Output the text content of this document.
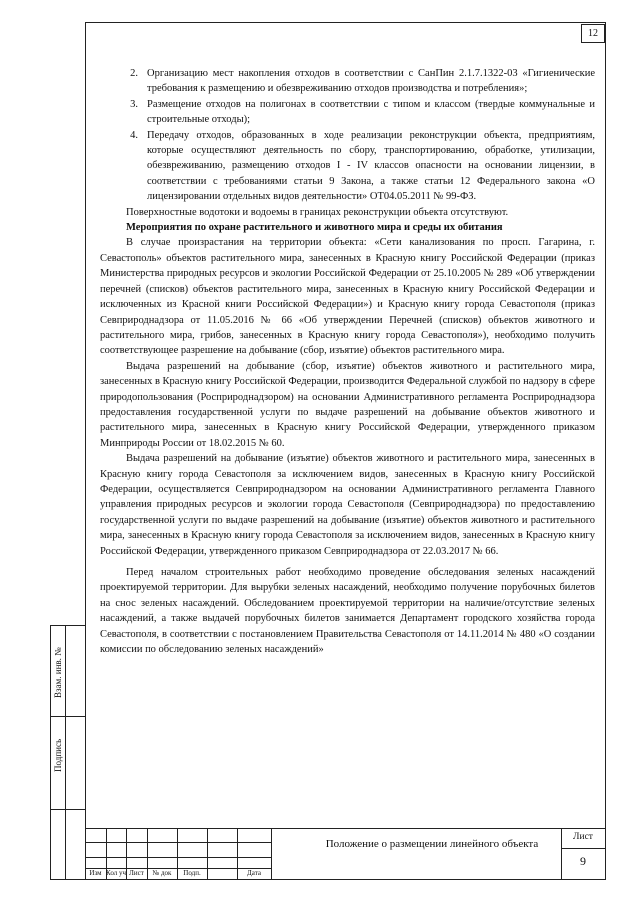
12
2. Организацию мест накопления отходов в соответствии с СанПин 2.1.7.1322-03 «Гигиенические требования к размещению и обезвреживанию отходов производства и потребления»;
3. Размещение отходов на полигонах в соответствии с типом и классом (твердые коммунальные и строительные отходы);
4. Передачу отходов, образованных в ходе реализации реконструкции объекта, предприятиям, которые осуществляют деятельность по сбору, транспортированию, обработке, утилизации, обезвреживанию, размещению отходов I - IV классов опасности на основании лицензии, в соответствии с требованиями статьи 9 Закона, а также статьи 12 Федерального закона «О лицензировании отдельных видов деятельности» ОТ04.05.2011 № 99-ФЗ.

Поверхностные водотоки и водоемы в границах реконструкции объекта отсутствуют.

Мероприятия по охране растительного и животного мира и среды их обитания

В случае произрастания на территории объекта: «Сети канализования по просп. Гагарина, г. Севастополь» объектов растительного мира, занесенных в Красную книгу Российской Федерации (приказ Министерства природных ресурсов и экологии Российской Федерации от 25.10.2005 № 289 «Об утверждении перечней (списков) объектов растительного мира, занесенных в Красную книгу Российской Федерации и исключенных из Красной книги Российской Федерации») и Красную книгу города Севастополя (приказ Севприроднадзора от 11.05.2016 № 66 «Об утверждении Перечней (списков) объектов животного и растительного мира, грибов, занесенных в Красную книгу города Севастополя»), необходимо получить соответствующее разрешение на добывание (сбор, изъятие) объектов растительного мира.

Выдача разрешений на добывание (сбор, изъятие) объектов животного и растительного мира, занесенных в Красную книгу Российской Федерации, производится Федеральной службой по надзору в сфере природопользования (Росприроднадзором) на основании Административного регламента Росприроднадзора предоставления государственной услуги по выдаче разрешений на добывание объектов животного и растительного мира, занесенных в Красную книгу Российской Федерации, утвержденного приказом Минприроды России от 18.02.2015 № 60.

Выдача разрешений на добывание (изъятие) объектов животного и растительного мира, занесенных в Красную книгу города Севастополя за исключением видов, занесенных в Красную книгу Российской Федерации, осуществляется Севприроднадзором на основании Административного регламента Главного управления природных ресурсов и экологии города Севастополя (Севприроднадзора) по предоставлению государственной услуги по выдаче разрешений на добывание (изъятие) объектов животного и растительного мира, занесенных в Красную книгу города Севастополя за исключением видов, занесенных в Красную книгу Российской Федерации, утвержденного приказом Севприроднадзора от 22.03.2017 № 66.

Перед началом строительных работ необходимо проведение обследования зеленых насаждений проектируемой территории. Для вырубки зеленых насаждений, необходимо получение порубочных билетов на снос зеленых насаждений. Обследованием проектируемой территории на наличие/отсутствие зеленых насаждений, а также выдачей порубочных билетов занимается Департамент городского хозяйства города Севастополя, в соответствии с постановлением Правительства Севастополя от 14.11.2014 № 480 «О создании комиссии по обследованию зеленых насаждений»

Взам. инв. №
Подпись
Изм Кол уч Лист	№ док	Подп.	Дата
Положение о размещении линейного объекта
Лист
9
